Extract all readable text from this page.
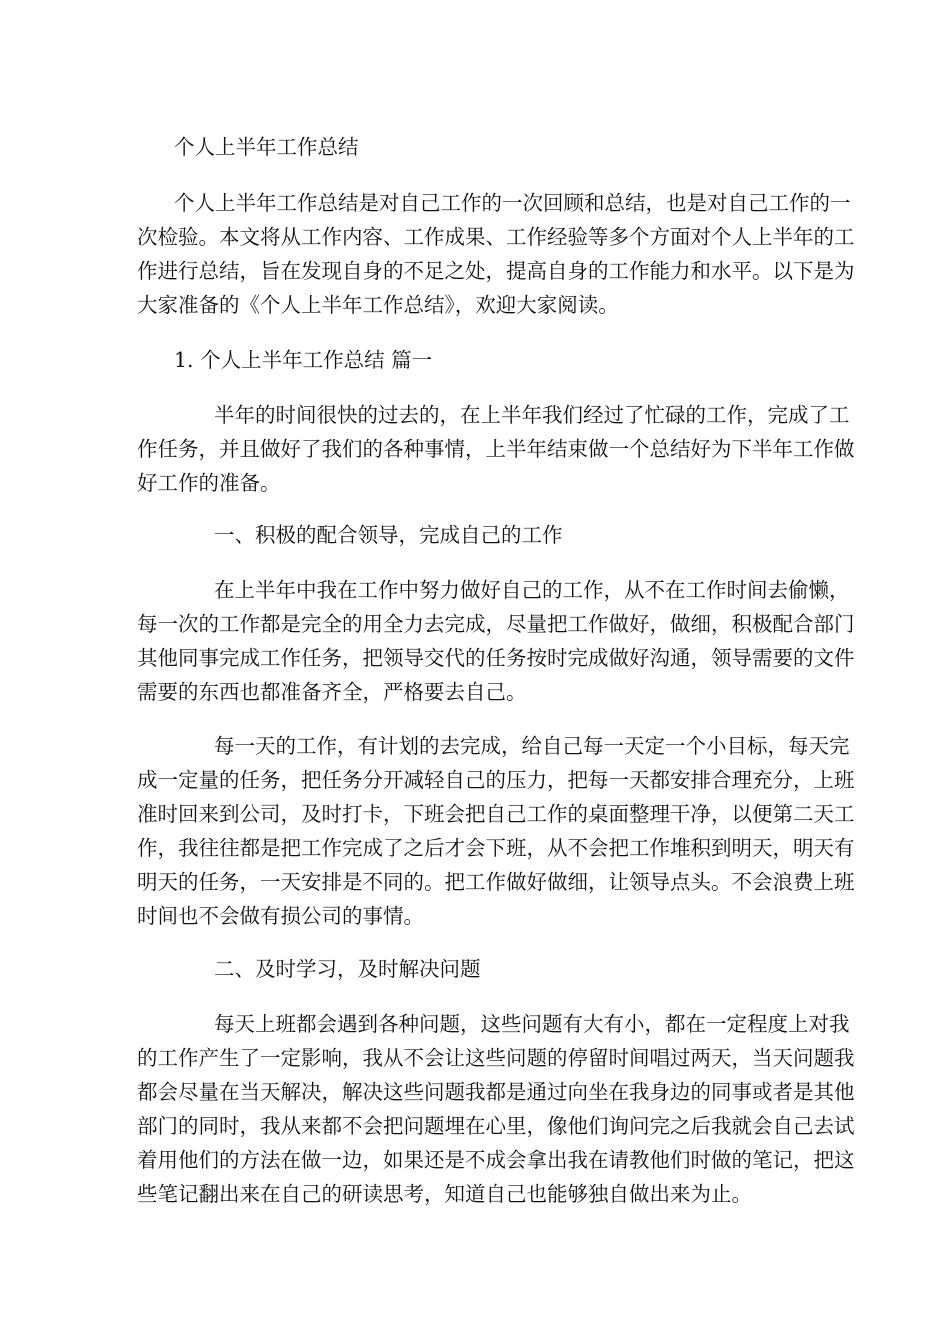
个人上半年工作总结
个人上半年工作总结是对自己工作的一次回顾和总结，也是对自己工作的一
次检验。本文将从工作内容、工作成果、工作经验等多个方面对个人上半年的工
作进行总结，旨在发现自身的不足之处，提高自身的工作能力和水平。以下是为
大家准备的《个人上半年工作总结》，欢迎大家阅读。
1. 个人上半年工作总结 篇一
半年的时间很快的过去的，在上半年我们经过了忙碌的工作，完成了工
作任务，并且做好了我们的各种事情，上半年结束做一个总结好为下半年工作做
好工作的准备。
一、积极的配合领导，完成自己的工作
在上半年中我在工作中努力做好自己的工作，从不在工作时间去偷懒，
每一次的工作都是完全的用全力去完成，尽量把工作做好，做细，积极配合部门
其他同事完成工作任务，把领导交代的任务按时完成做好沟通，领导需要的文件
需要的东西也都准备齐全，严格要去自己。
每一天的工作，有计划的去完成，给自己每一天定一个小目标，每天完
成一定量的任务，把任务分开减轻自己的压力，把每一天都安排合理充分，上班
准时回来到公司，及时打卡，下班会把自己工作的桌面整理干净，以便第二天工
作，我往往都是把工作完成了之后才会下班，从不会把工作堆积到明天，明天有
明天的任务，一天安排是不同的。把工作做好做细，让领导点头。不会浪费上班
时间也不会做有损公司的事情。
二、及时学习，及时解决问题
每天上班都会遇到各种问题，这些问题有大有小，都在一定程度上对我
的工作产生了一定影响，我从不会让这些问题的停留时间唱过两天，当天问题我
都会尽量在当天解决，解决这些问题我都是通过向坐在我身边的同事或者是其他
部门的同时，我从来都不会把问题埋在心里，像他们询问完之后我就会自己去试
着用他们的方法在做一边，如果还是不成会拿出我在请教他们时做的笔记，把这
些笔记翻出来在自己的研读思考，知道自己也能够独自做出来为止。
